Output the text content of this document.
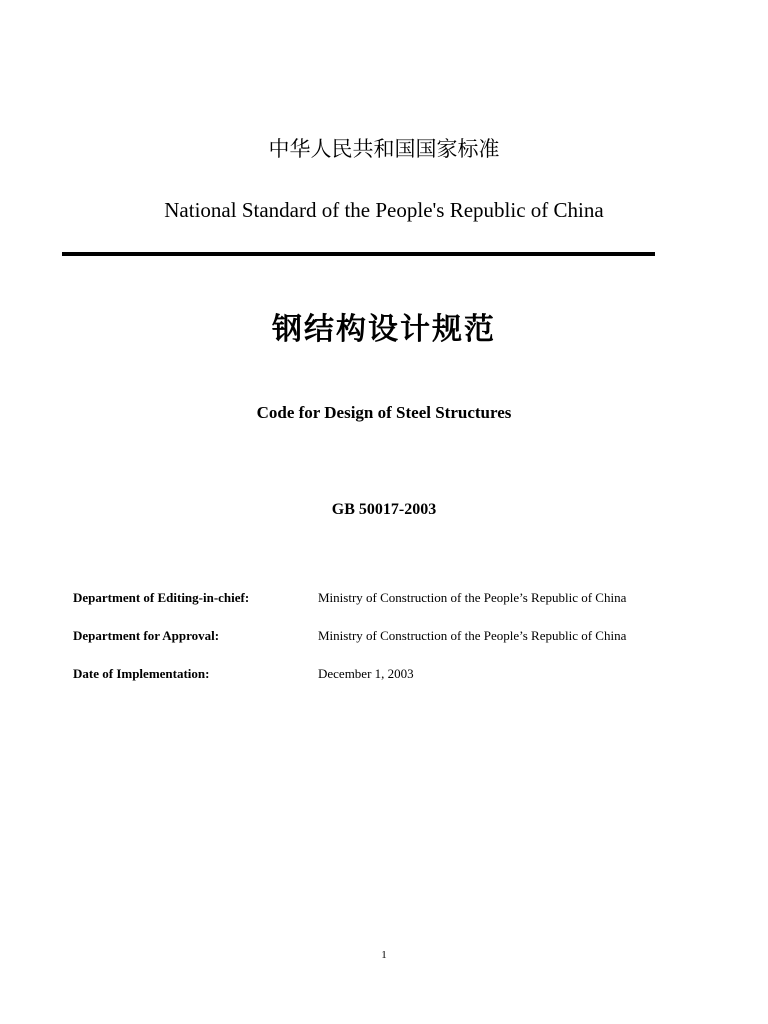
中华人民共和国国家标准
National Standard of the People's Republic of China
钢结构设计规范
Code for Design of Steel Structures
GB 50017-2003
Department of Editing-in-chief:	Ministry of Construction of the People’s Republic of China
Department for Approval:	Ministry of Construction of the People’s Republic of China
Date of Implementation:	December 1, 2003
1
